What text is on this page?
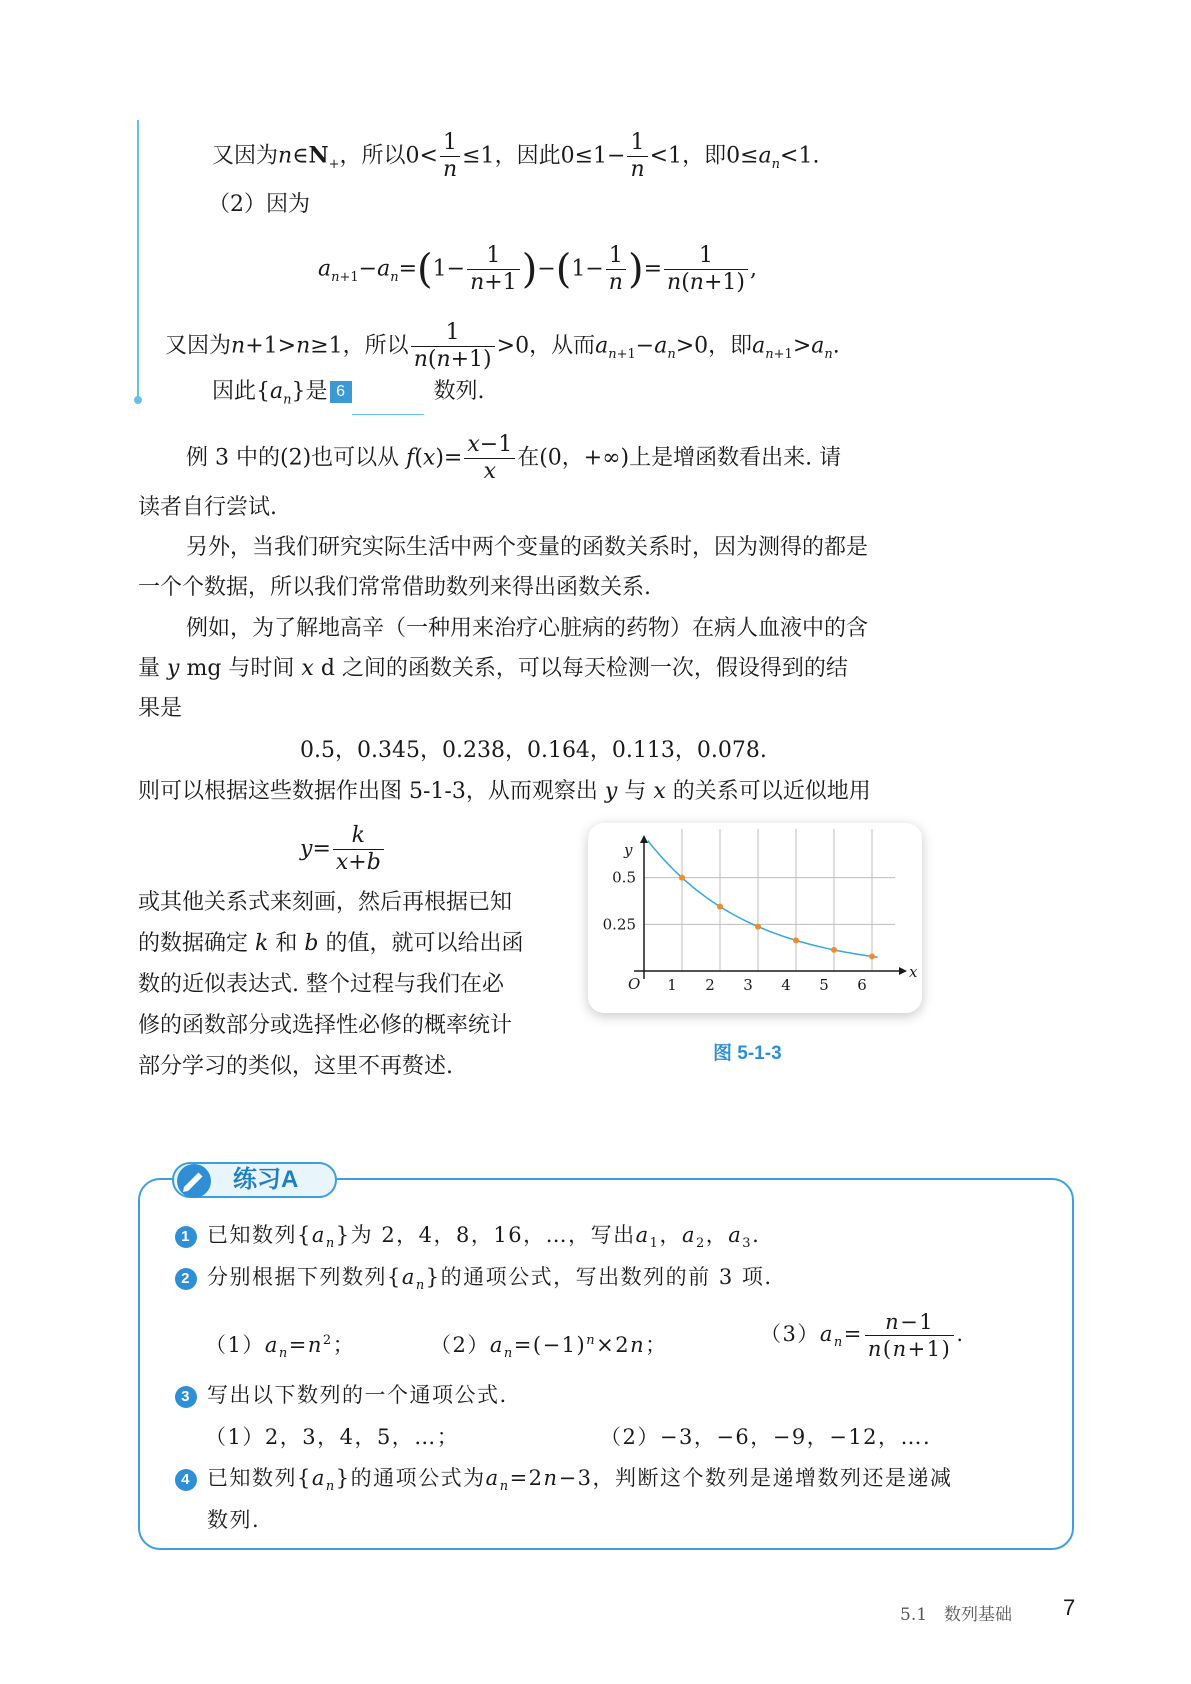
又因为$n\in N_+$，所以$0< \frac{1}{n} \le 1$，因此$0\le 1- \frac{1}{n} <1$，即$0\le a_n<1$.
（2）因为
$a_{n+1}-a_n=(1- \frac{1}{n+1} )-(1- \frac{1}{n}$ )= $\frac{1}{n(n+1)}$ ,
又因为n+1>n≥1，所以 $\frac{1}{n(n+1)} >0$，从而$a_{n+1}-a_n>0$，即$a_{n+1}>a_n$.
因此$\{a_n\}$是 6	数列.
例 3 中的(2)也可以从 $f(x)= \frac{x-1}{x}$ 在(0，+∞)上是增函数看出来. 请
读者自行尝试.
另外，当我们研究实际生活中两个变量的函数关系时，因为测得的都是
一个个数据，所以我们常常借助数列来得出函数关系.
例如，为了解地高辛（一种用来治疗心脏病的药物）在病人血液中的含
量 y mg 与时间 x d 之间的函数关系，可以每天检测一次，假设得到的结
果是
0.5，0.345，0.238，0.164，0.113，0.078.
则可以根据这些数据作出图 5-1-3，从而观察出 y 与 x 的关系可以近似地用
$y= \frac{k}{x+b}$
或其他关系式来刻画，然后再根据已知
的数据确定 k 和 b 的值，就可以给出函
数的近似表达式. 整个过程与我们在必
修的函数部分或选择性必修的概率统计
部分学习的类似，这里不再赘述.
x
y
O 1 2 3 4 5 6
0.5
0.25
图 5-1-3
练习A
1 已知数列$\{a_n\}$为 2，4，8，16，…，写出$a_1$，$a_2$，$a_3$.
2 分别根据下列数列$\{a_n\}$的通项公式，写出数列的前 3 项.
$(1)a_n=n^2$；	$(2)a_n=(-1)^n\times 2n$；	$(3)a_n= \frac{n-1}{n(n+1)}$ .
3 写出以下数列的一个通项公式.
（1）2，3，4，5，…；	（2）−3，−6，−9，−12，….
4 已知数列$\{a_n\}$的通项公式为$a_n=2n-3$，判断这个数列是递增数列还是递减
数列.
5.1　数列基础 7
